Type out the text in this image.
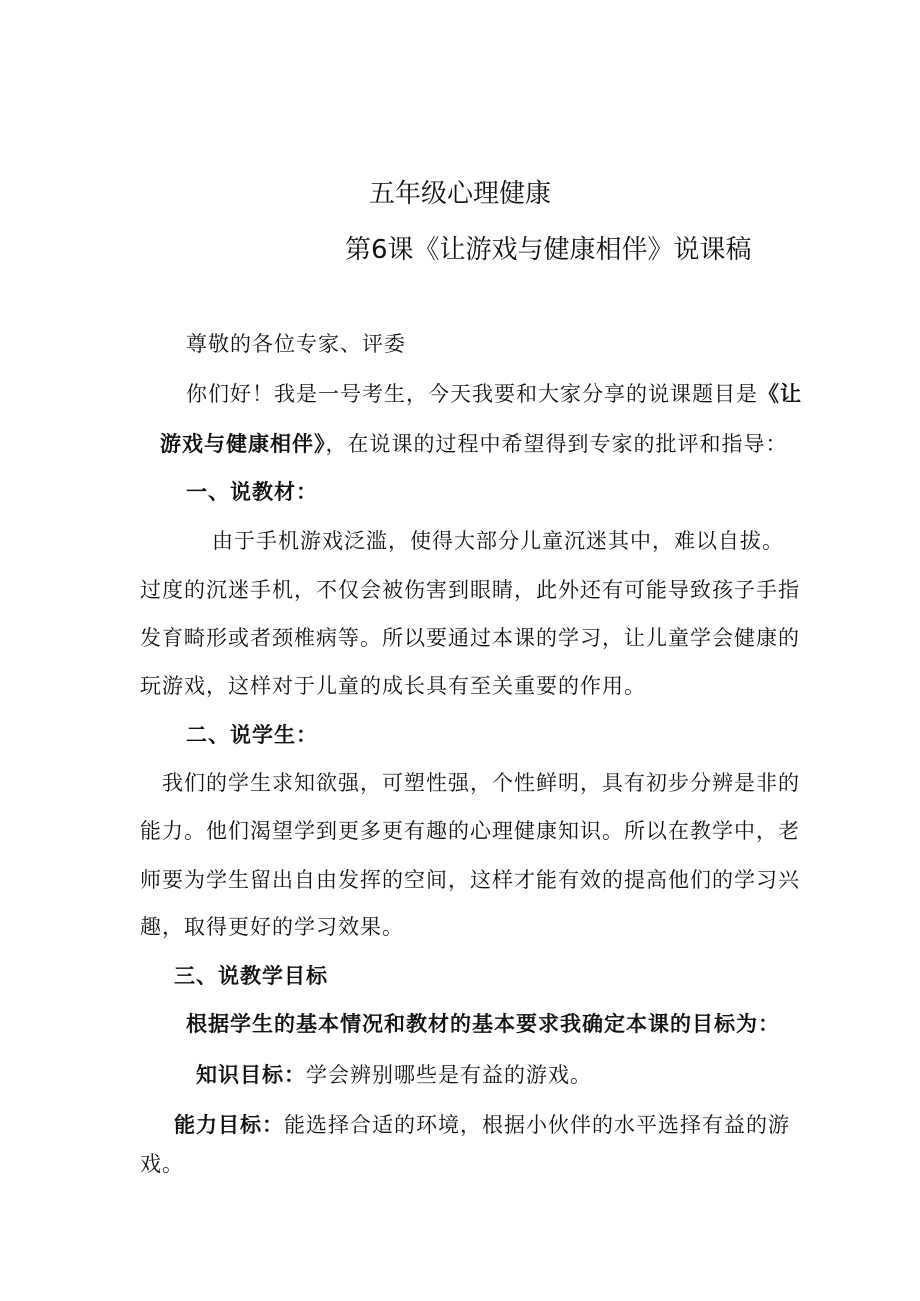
五年级心理健康
第6课《让游戏与健康相伴》说课稿
尊敬的各位专家、评委
你们好！我是一号考生，今天我要和大家分享的说课题目是《让
游戏与健康相伴》，在说课的过程中希望得到专家的批评和指导：
一、说教材：
由于手机游戏泛滥，使得大部分儿童沉迷其中，难以自拔。
过度的沉迷手机，不仅会被伤害到眼睛，此外还有可能导致孩子手指
发育畸形或者颈椎病等。所以要通过本课的学习，让儿童学会健康的
玩游戏，这样对于儿童的成长具有至关重要的作用。
二、说学生：
我们的学生求知欲强，可塑性强，个性鲜明，具有初步分辨是非的
能力。他们渴望学到更多更有趣的心理健康知识。所以在教学中，老
师要为学生留出自由发挥的空间，这样才能有效的提高他们的学习兴
趣，取得更好的学习效果。
三、说教学目标
根据学生的基本情况和教材的基本要求我确定本课的目标为：
知识目标：学会辨别哪些是有益的游戏。
能力目标：能选择合适的环境，根据小伙伴的水平选择有益的游
戏。
